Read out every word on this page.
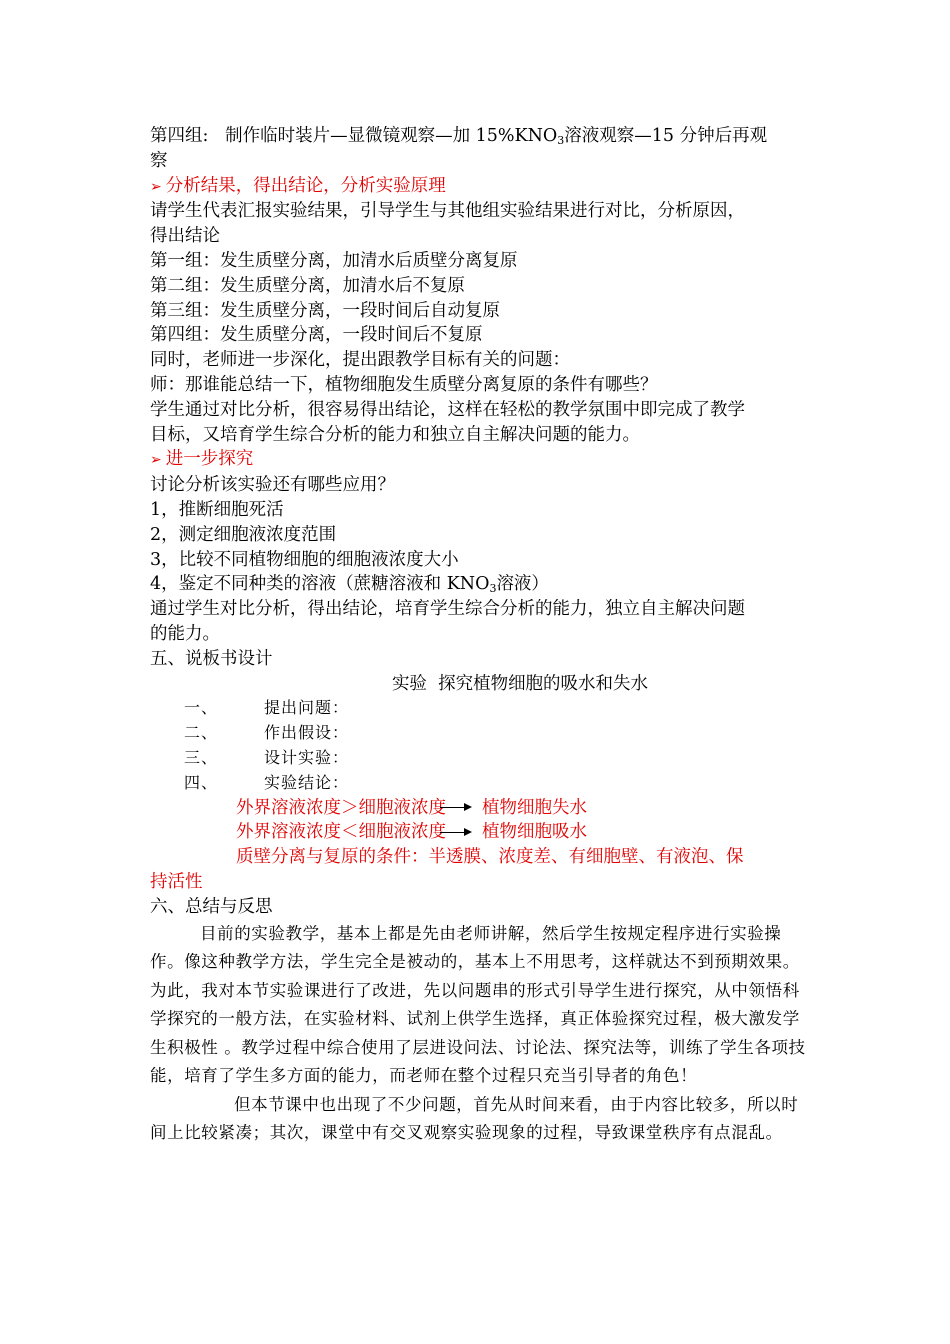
第四组:   制作临时装片—显微镜观察—加 $15\%KNO_3$溶液观察—15 分钟后再观
察
➢ 分析结果，得出结论，分析实验原理
请学生代表汇报实验结果，引导学生与其他组实验结果进行对比，分析原因，
得出结论
第一组：发生质壁分离，加清水后质壁分离复原
第二组：发生质壁分离，加清水后不复原
第三组：发生质壁分离，一段时间后自动复原
第四组：发生质壁分离，一段时间后不复原
同时，老师进一步深化，提出跟教学目标有关的问题：
师：那谁能总结一下，植物细胞发生质壁分离复原的条件有哪些？
学生通过对比分析，很容易得出结论，这样在轻松的教学氛围中即完成了教学
目标，又培育学生综合分析的能力和独立自主解决问题的能力。
➢ 进一步探究
讨论分析该实验还有哪些应用？
1，推断细胞死活
2，测定细胞液浓度范围
3，比较不同植物细胞的细胞液浓度大小
4，鉴定不同种类的溶液（蔗糖溶液和 $KNO_3$溶液）
通过学生对比分析，得出结论，培育学生综合分析的能力，独立自主解决问题
的能力。
五、说板书设计
实验  探究植物细胞的吸水和失水
一、	提出问题：
二、	作出假设：
三、	设计实验：
四、	实验结论：
外界溶液浓度＞细胞液浓度 植物细胞失水
外界溶液浓度＜细胞液浓度 植物细胞吸水
质壁分离与复原的条件：半透膜、浓度差、有细胞壁、有液泡、保
持活性
六、总结与反思
目前的实验教学，基本上都是先由老师讲解，然后学生按规定程序进行实验操作。像这种教学方法，学生完全是被动的，基本上不用思考，这样就达不到预期效果。为此，我对本节实验课进行了改进，先以问题串的形式引导学生进行探究，从中领悟科学探究的一般方法，在实验材料、试剂上供学生选择，真正体验探究过程，极大激发学生积极性 。教学过程中综合使用了层进设问法、讨论法、探究法等，训练了学生各项技能，培育了学生多方面的能力，而老师在整个过程只充当引导者的角色！
但本节课中也出现了不少问题，首先从时间来看，由于内容比较多，所以时间上比较紧凑；其次，课堂中有交叉观察实验现象的过程，导致课堂秩序有点混乱。
